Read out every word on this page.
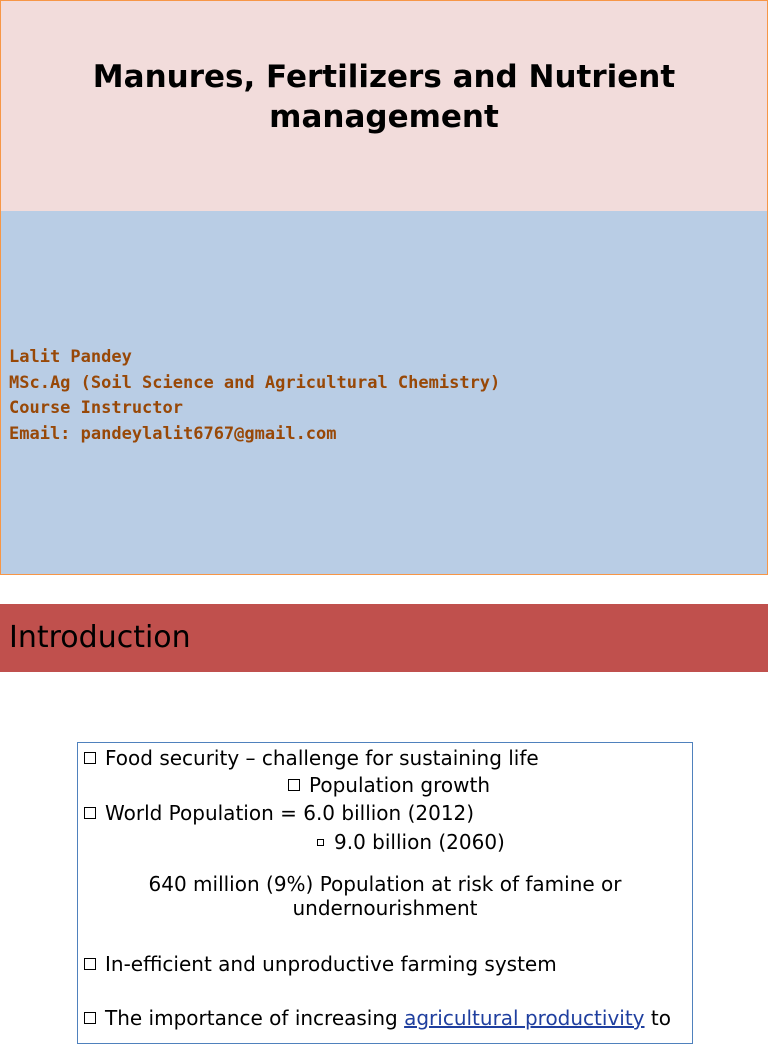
Manures, Fertilizers and Nutrient
management
Lalit Pandey
MSc.Ag (Soil Science and Agricultural Chemistry)
Course Instructor
Email: pandeylalit6767@gmail.com
Introduction
Food security – challenge for sustaining life
Population growth
World Population = 6.0 billion (2012)
9.0 billion (2060)
640 million (9%) Population at risk of famine or
undernourishment
In-efficient and unproductive farming system
The importance of increasing agricultural productivity to
